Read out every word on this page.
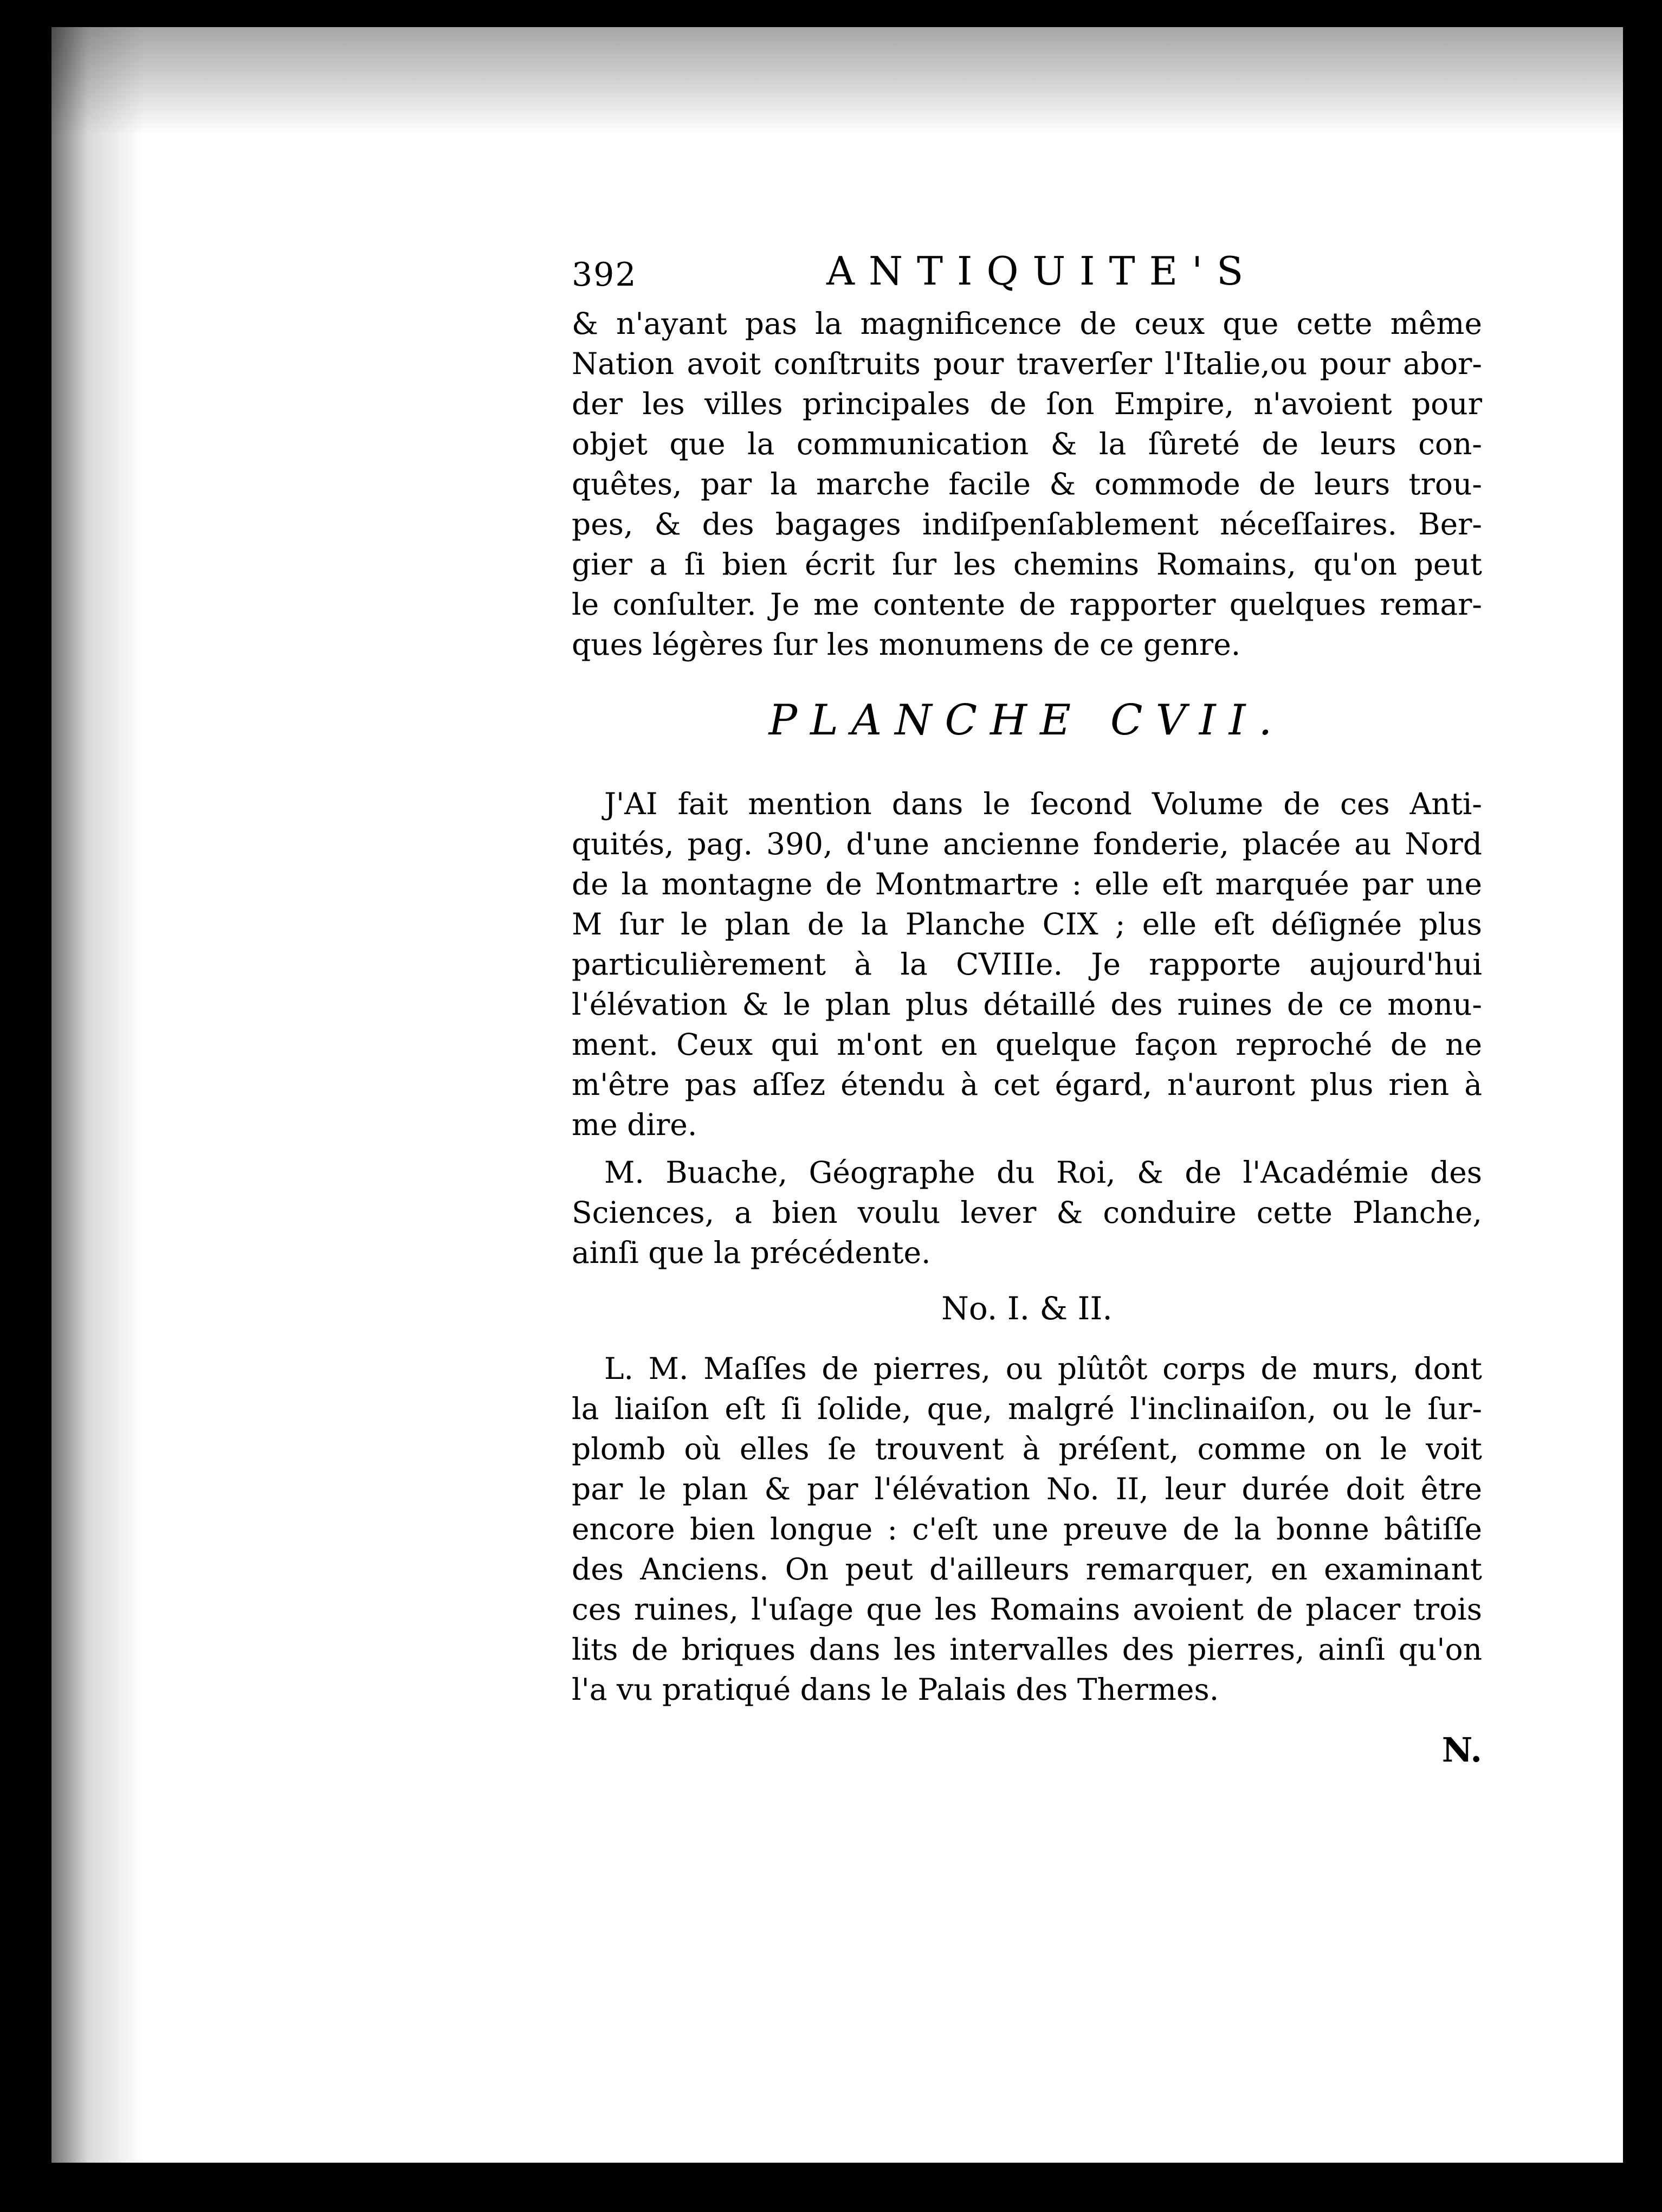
392	ANTIQUITE'S
& n'ayant pas la magnificence de ceux que cette même
Nation avoit conſtruits pour traverſer l'Italie,ou pour abor-
der les villes principales de ſon Empire, n'avoient pour
objet que la communication & la ſûreté de leurs con-
quêtes, par la marche facile & commode de leurs trou-
pes, & des bagages indiſpenſablement néceſſaires. Ber-
gier a ſi bien écrit ſur les chemins Romains, qu'on peut
le conſulter. Je me contente de rapporter quelques remar-
ques légères ſur les monumens de ce genre.
PLANCHE CVII.
J'AI fait mention dans le ſecond Volume de ces Anti-
quités, pag. 390, d'une ancienne fonderie, placée au Nord
de la montagne de Montmartre : elle eſt marquée par une
M ſur le plan de la Planche CIX ; elle eſt déſignée plus
particulièrement à la CVIIIe. Je rapporte aujourd'hui
l'élévation & le plan plus détaillé des ruines de ce monu-
ment. Ceux qui m'ont en quelque façon reproché de ne
m'être pas aſſez étendu à cet égard, n'auront plus rien à
me dire.
M. Buache, Géographe du Roi, & de l'Académie des
Sciences, a bien voulu lever & conduire cette Planche,
ainſi que la précédente.
No. I. & II.
L. M. Maſſes de pierres, ou plûtôt corps de murs, dont
la liaiſon eſt ſi ſolide, que, malgré l'inclinaiſon, ou le ſur-
plomb où elles ſe trouvent à préſent, comme on le voit
par le plan & par l'élévation No. II, leur durée doit être
encore bien longue : c'eſt une preuve de la bonne bâtiſſe
des Anciens. On peut d'ailleurs remarquer, en examinant
ces ruines, l'uſage que les Romains avoient de placer trois
lits de briques dans les intervalles des pierres, ainſi qu'on
l'a vu pratiqué dans le Palais des Thermes.
N.
